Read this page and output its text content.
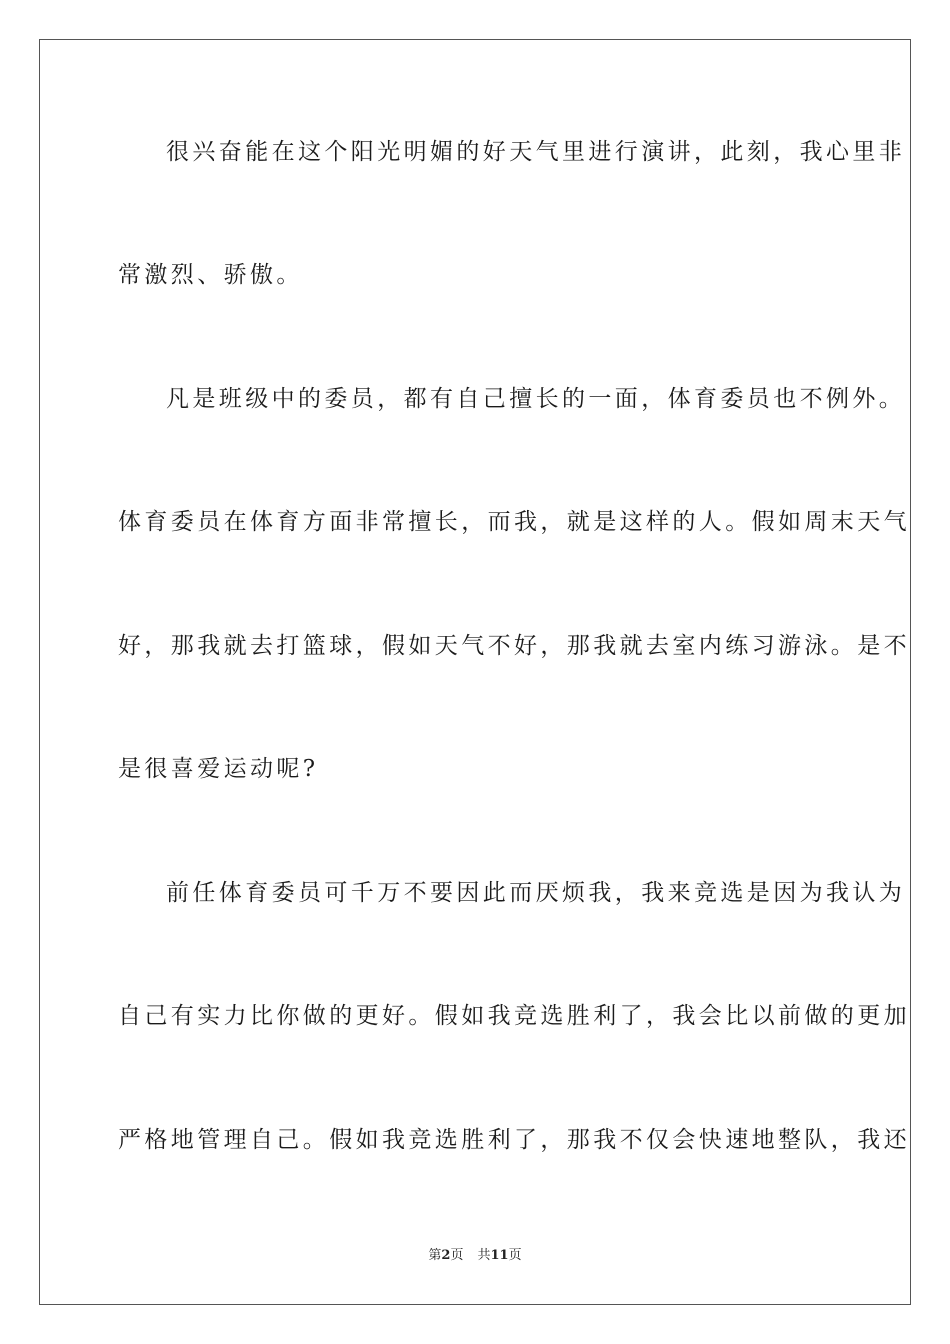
很兴奋能在这个阳光明媚的好天气里进行演讲，此刻，我心里非
常激烈、骄傲。
凡是班级中的委员，都有自己擅长的一面，体育委员也不例外。
体育委员在体育方面非常擅长，而我，就是这样的人。假如周末天气
好，那我就去打篮球，假如天气不好，那我就去室内练习游泳。是不
是很喜爱运动呢?
前任体育委员可千万不要因此而厌烦我，我来竞选是因为我认为
自己有实力比你做的更好。假如我竞选胜利了，我会比以前做的更加
严格地管理自己。假如我竞选胜利了，那我不仅会快速地整队，我还
第2页 共11页
